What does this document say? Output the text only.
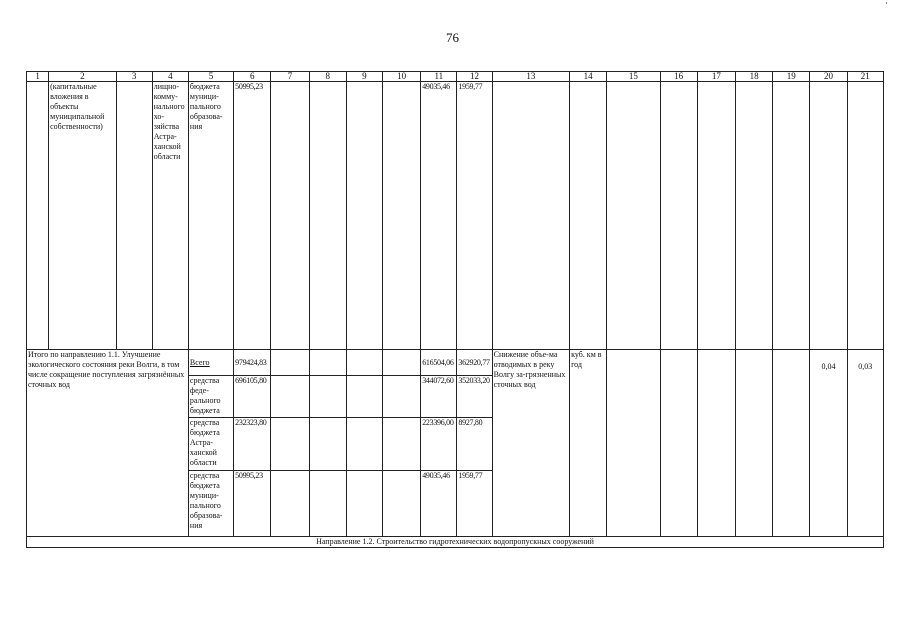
76
1	2	3	4	5	6	7	8	9	10	11	12	13	14	15	16	17	18	19	20	21
	(капитальные вложения в объекты муниципальной собственности)		лищно-комму-нального хо-зяйства Астра-ханской области	бюджета муници-пального образова-ния	50995,23					49035,46	1959,77									
Итого по направлению 1.1. Улучшение экологического состояния реки Волги, в том числе сокращение поступления загрязнённых сточных вод				Всего	979424,83					616504,06	362920,77	Снижение объе-ма отводимых в реку Волгу за-грязненных сточных вод	куб. км в год						0,04	0,03
				средства феде-рального бюджета	696105,80					344072,60	352033,20									
				средства бюджета Астра-ханской области	232323,80					223396,00	8927,80									
				средства бюджета муници-пального образова-ния	50995,23					49035,46	1959,77									
Направление 1.2. Строительство гидротехнических водопропускных сооружений																				
